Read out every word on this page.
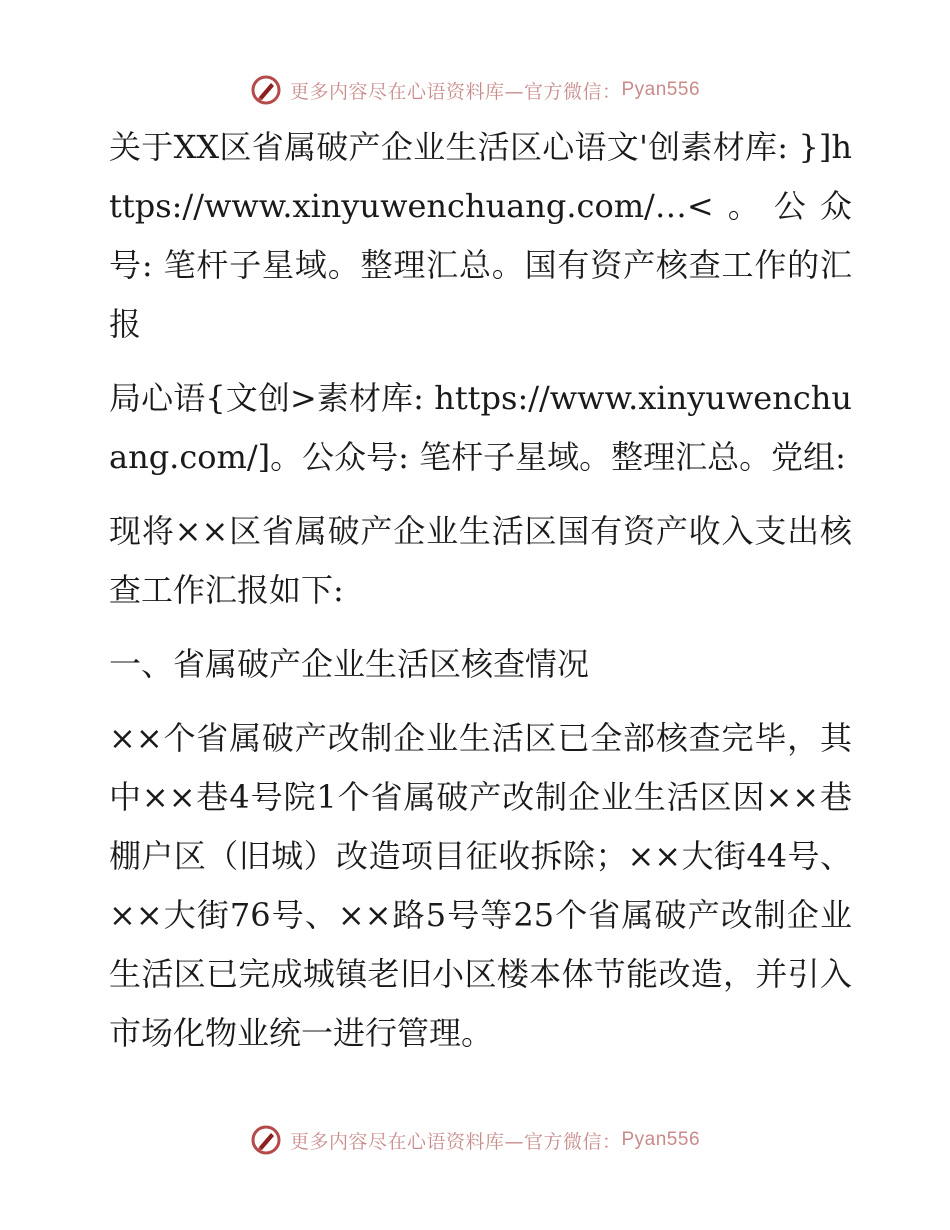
更多内容尽在心语资料库—官方微信： Pyan556

关于XX区省属破产企业生活区心语文'创素材库: }]https://www.xinyuwenchuang.com/…<。公众号: 笔杆子星域。整理汇总。国有资产核查工作的汇报

局心语{文创>素材库: https://www.xinyuwenchuang.com/]。公众号: 笔杆子星域。整理汇总。党组:

现将××区省属破产企业生活区国有资产收入支出核查工作汇报如下:

一、省属破产企业生活区核查情况

××个省属破产改制企业生活区已全部核查完毕，其中××巷4号院1个省属破产改制企业生活区因××巷棚户区（旧城）改造项目征收拆除；××大街44号、××大街76号、××路5号等25个省属破产改制企业生活区已完成城镇老旧小区楼本体节能改造，并引入市场化物业统一进行管理。

更多内容尽在心语资料库—官方微信： Pyan556
